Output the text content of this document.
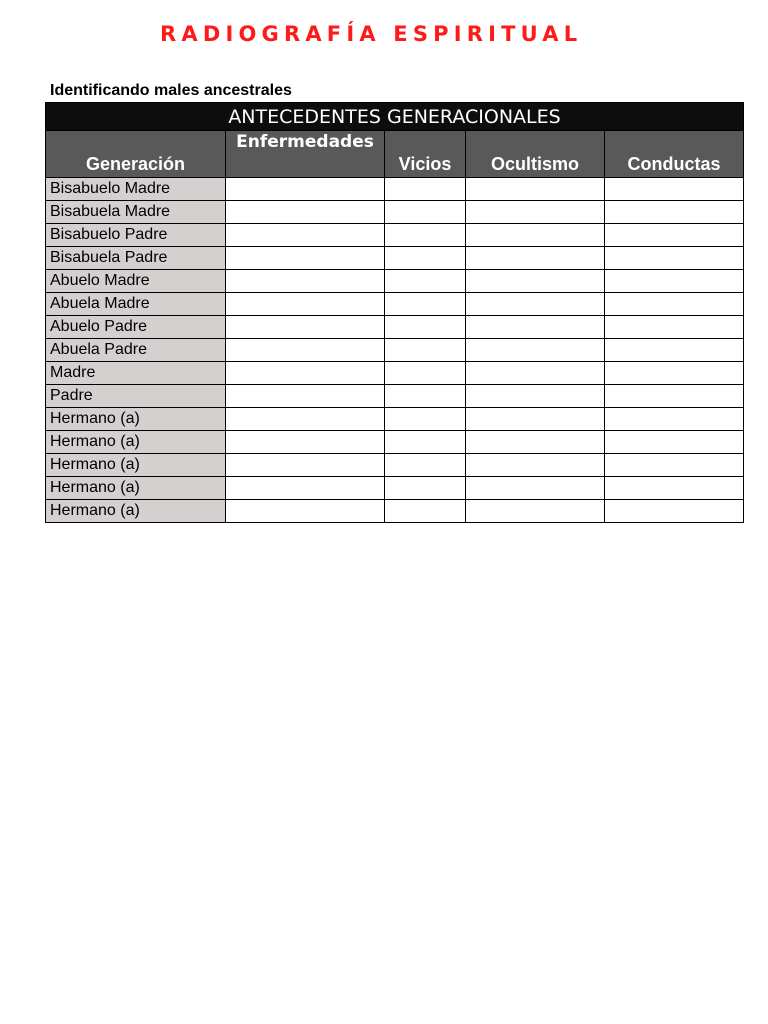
RADIOGRAFÍA ESPIRITUAL
Identificando males ancestrales
ANTECEDENTES GENERACIONALES				
Generación	Enfermedades	Vicios	Ocultismo	Conductas
Bisabuelo Madre				
Bisabuela Madre				
Bisabuelo Padre				
Bisabuela Padre				
Abuelo Madre				
Abuela Madre				
Abuelo Padre				
Abuela Padre				
Madre				
Padre				
Hermano (a)				
Hermano (a)				
Hermano (a)				
Hermano (a)				
Hermano (a)				
